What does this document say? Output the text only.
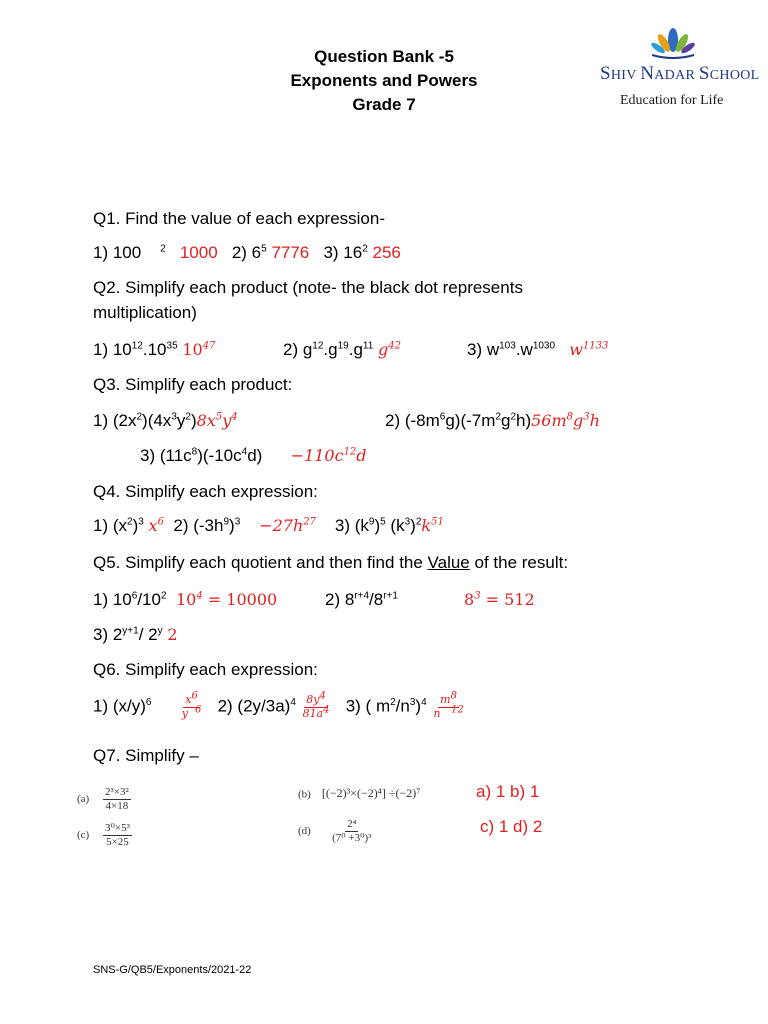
Question Bank -5
Exponents and Powers
Grade 7
SHIV NADAR SCHOOL
Education for Life
Q1. Find the value of each expression-
1) 100 $^2$ 1000 2) $6^5$ 7776 3) $16^2$ 256
Q2. Simplify each product (note- the black dot represents
multiplication)
1) $10^{12}.10^{35}$ $10^{47}$	2) $g^{12}.g^{19}.g^{11}$ $g^{42}$	3) $w^{103}.w^{1030}$ $w^{1133}$
Q3. Simplify each product:
1) $(2x^2)(4x^3y^2)8x^5y^4$	2) $(-8m^6g)(-7m^2g^2h)56m^8g^3h$
3) $(11c^8)(-10c^4d) -110c^{12}d$
Q4. Simplify each expression:
1) $(x^2)^3$ $x^6$ 2) $(-3h^9)^3 -27h^{27}$ 3) $(k^9)^5$ $(k^3)^2k^{51}$
Q5. Simplify each quotient and then find the Value of the result:
1) $10^6/10^2$ $10^4 = 10000$	2) $8^{r+4}/8^{r+1}$	$8^3 = 512$
3) $2^{y+1}/$ 2$^y$ 2
Q6. Simplify each expression:
1) $(x/y)^6$	$\frac{x^6}{y ^6} 2$) $(2y/3a)^4 \frac{8y^4}{81a^4} 3$) ( $m^2/n^3)^4 \frac{m^8}{n ^{12}}$
Q7. Simplify –
$(a) \frac{\text{2³×3²}}{4\times 18}$	(b) [(−2)³×(−2)⁴] ÷(−2)⁷	a) 1 b) 1
$(c) \frac{\text{3⁰×5³}}{5\times 25}$	$(d) \frac{\text{2⁴}}{\text{(7⁰ +3⁰)³}}$	c) 1 d) 2
SNS-G/QB5/Exponents/2021-22
